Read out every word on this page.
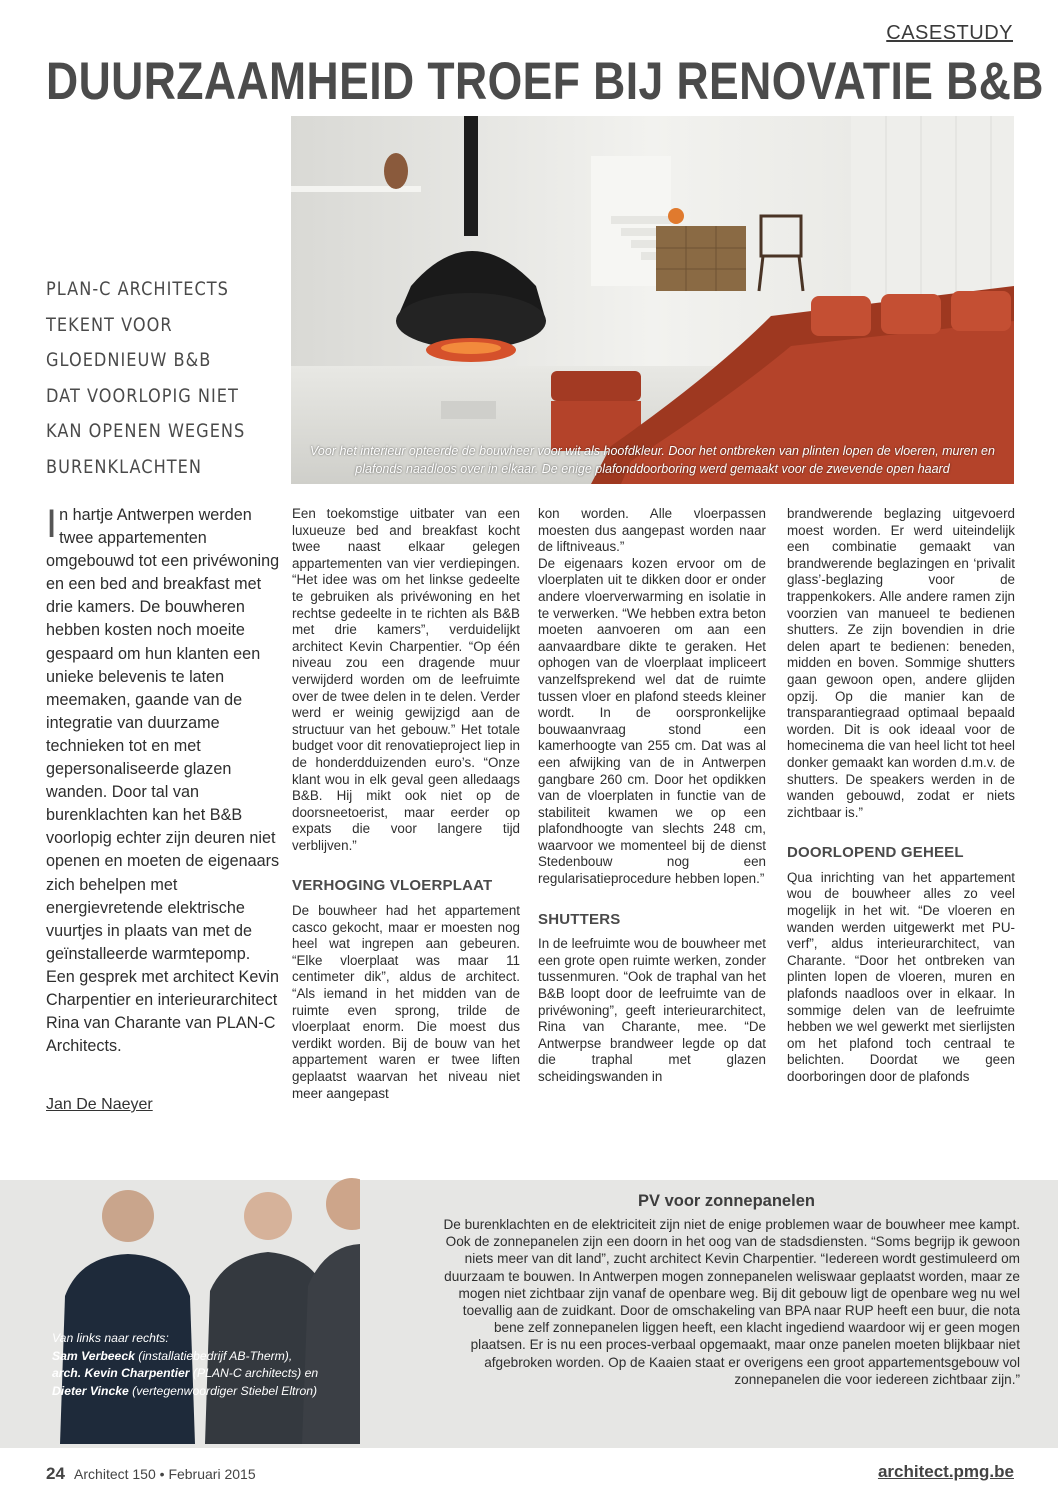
CASESTUDY
DUURZAAMHEID TROEF BIJ RENOVATIE B&B
Voor het interieur opteerde de bouwheer voor wit als hoofdkleur. Door het ontbreken van plinten lopen de vloeren, muren en
plafonds naadloos over in elkaar. De enige plafonddoorboring werd gemaakt voor de zwevende open haard
PLAN-C ARCHITECTS
TEKENT VOOR
GLOEDNIEUW B&B
DAT VOORLOPIG NIET
KAN OPENEN WEGENS
BURENKLACHTEN
I n hartje Antwerpen werden twee appartementen omgebouwd tot een privéwoning en een bed and breakfast met drie kamers. De bouwheren hebben kosten noch moeite gespaard om hun klanten een unieke belevenis te laten meemaken, gaande van de integratie van duurzame technieken tot en met gepersonaliseerde glazen wanden. Door tal van burenklachten kan het B&B voorlopig echter zijn deuren niet openen en moeten de eigenaars zich behelpen met energievretende elektrische vuurtjes in plaats van met de geïnstalleerde warmtepomp. Een gesprek met architect Kevin Charpentier en interieurarchitect Rina van Charante van PLAN-C Architects.
Jan De Naeyer

Een toekomstige uitbater van een luxueuze bed and breakfast kocht twee naast elkaar gelegen appartementen van vier verdiepingen. “Het idee was om het linkse gedeelte te gebruiken als privéwoning en het rechtse gedeelte in te richten als B&B met drie kamers”, verduidelijkt architect Kevin Charpentier. “Op één niveau zou een dragende muur verwijderd worden om de leefruimte over de twee delen in te delen. Verder werd er weinig gewijzigd aan de structuur van het gebouw.” Het totale budget voor dit renovatieproject liep in de honderdduizenden euro’s. “Onze klant wou in elk geval geen alledaags B&B. Hij mikt ook niet op de doorsneetoerist, maar eerder op expats die voor langere tijd verblijven.”

VERHOGING VLOERPLAAT

De bouwheer had het appartement casco gekocht, maar er moesten nog heel wat ingrepen aan gebeuren. “Elke vloerplaat was maar 11 centimeter dik”, aldus de architect. “Als iemand in het midden van de ruimte even sprong, trilde de vloerplaat enorm. Die moest dus verdikt worden. Bij de bouw van het appartement waren er twee liften geplaatst waarvan het niveau niet meer aangepast

kon worden. Alle vloerpassen moesten dus aangepast worden naar de liftniveaus.”

De eigenaars kozen ervoor om de vloerplaten uit te dikken door er onder andere vloerverwarming en isolatie in te verwerken. “We hebben extra beton moeten aanvoeren om aan een aanvaardbare dikte te geraken. Het ophogen van de vloerplaat impliceert vanzelfsprekend wel dat de ruimte tussen vloer en plafond steeds kleiner wordt. In de oorspronkelijke bouwaanvraag stond een kamerhoogte van 255 cm. Dat was al een afwijking van de in Antwerpen gangbare 260 cm. Door het opdikken van de vloerplaten in functie van de stabiliteit kwamen we op een plafondhoogte van slechts 248 cm, waarvoor we momenteel bij de dienst Stedenbouw nog een regularisatieprocedure hebben lopen.”

SHUTTERS

In de leefruimte wou de bouwheer met een grote open ruimte werken, zonder tussenmuren. “Ook de traphal van het B&B loopt door de leefruimte van de privéwoning”, geeft interieurarchitect, Rina van Charante, mee. “De Antwerpse brandweer legde op dat die traphal met glazen scheidingswanden in

brandwerende beglazing uitgevoerd moest worden. Er werd uiteindelijk een combinatie gemaakt van brandwerende beglazingen en ‘privalit glass’-beglazing voor de trappenkokers. Alle andere ramen zijn voorzien van manueel te bedienen shutters. Ze zijn bovendien in drie delen apart te bedienen: beneden, midden en boven. Sommige shutters gaan gewoon open, andere glijden opzij. Op die manier kan de transparantiegraad optimaal bepaald worden. Dit is ook ideaal voor de homecinema die van heel licht tot heel donker gemaakt kan worden d.m.v. de shutters. De speakers werden in de wanden gebouwd, zodat er niets zichtbaar is.”

DOORLOPEND GEHEEL

Qua inrichting van het appartement wou de bouwheer alles zo veel mogelijk in het wit. “De vloeren en wanden werden uitgewerkt met PU-verf”, aldus interieurarchitect, van Charante. “Door het ontbreken van plinten lopen de vloeren, muren en plafonds naadloos over in elkaar. In sommige delen van de leefruimte hebben we wel gewerkt met sierlijsten om het plafond toch centraal te belichten. Doordat we geen doorboringen door de plafonds

Van links naar rechts:
Sam Verbeeck (installatiebedrijf AB-Therm),
arch. Kevin Charpentier (PLAN-C architects) en
Dieter Vincke (vertegenwoordiger Stiebel Eltron)
PV voor zonnepanelen
De burenklachten en de elektriciteit zijn niet de enige problemen waar de bouwheer mee kampt. Ook de zonnepanelen zijn een doorn in het oog van de stadsdiensten. “Soms begrijp ik gewoon niets meer van dit land”, zucht architect Kevin Charpentier. “Iedereen wordt gestimuleerd om duurzaam te bouwen. In Antwerpen mogen zonnepanelen weliswaar geplaatst worden, maar ze mogen niet zichtbaar zijn vanaf de openbare weg. Bij dit gebouw ligt de openbare weg nu wel toevallig aan de zuidkant. Door de omschakeling van BPA naar RUP heeft een buur, die nota bene zelf zonnepanelen liggen heeft, een klacht ingediend waardoor wij er geen mogen plaatsen. Er is nu een proces-verbaal opgemaakt, maar onze panelen moeten blijkbaar niet afgebroken worden. Op de Kaaien staat er overigens een groot appartementsgebouw vol zonnepanelen die voor iedereen zichtbaar zijn.”
24 Architect 150 • Februari 2015	architect.pmg.be
